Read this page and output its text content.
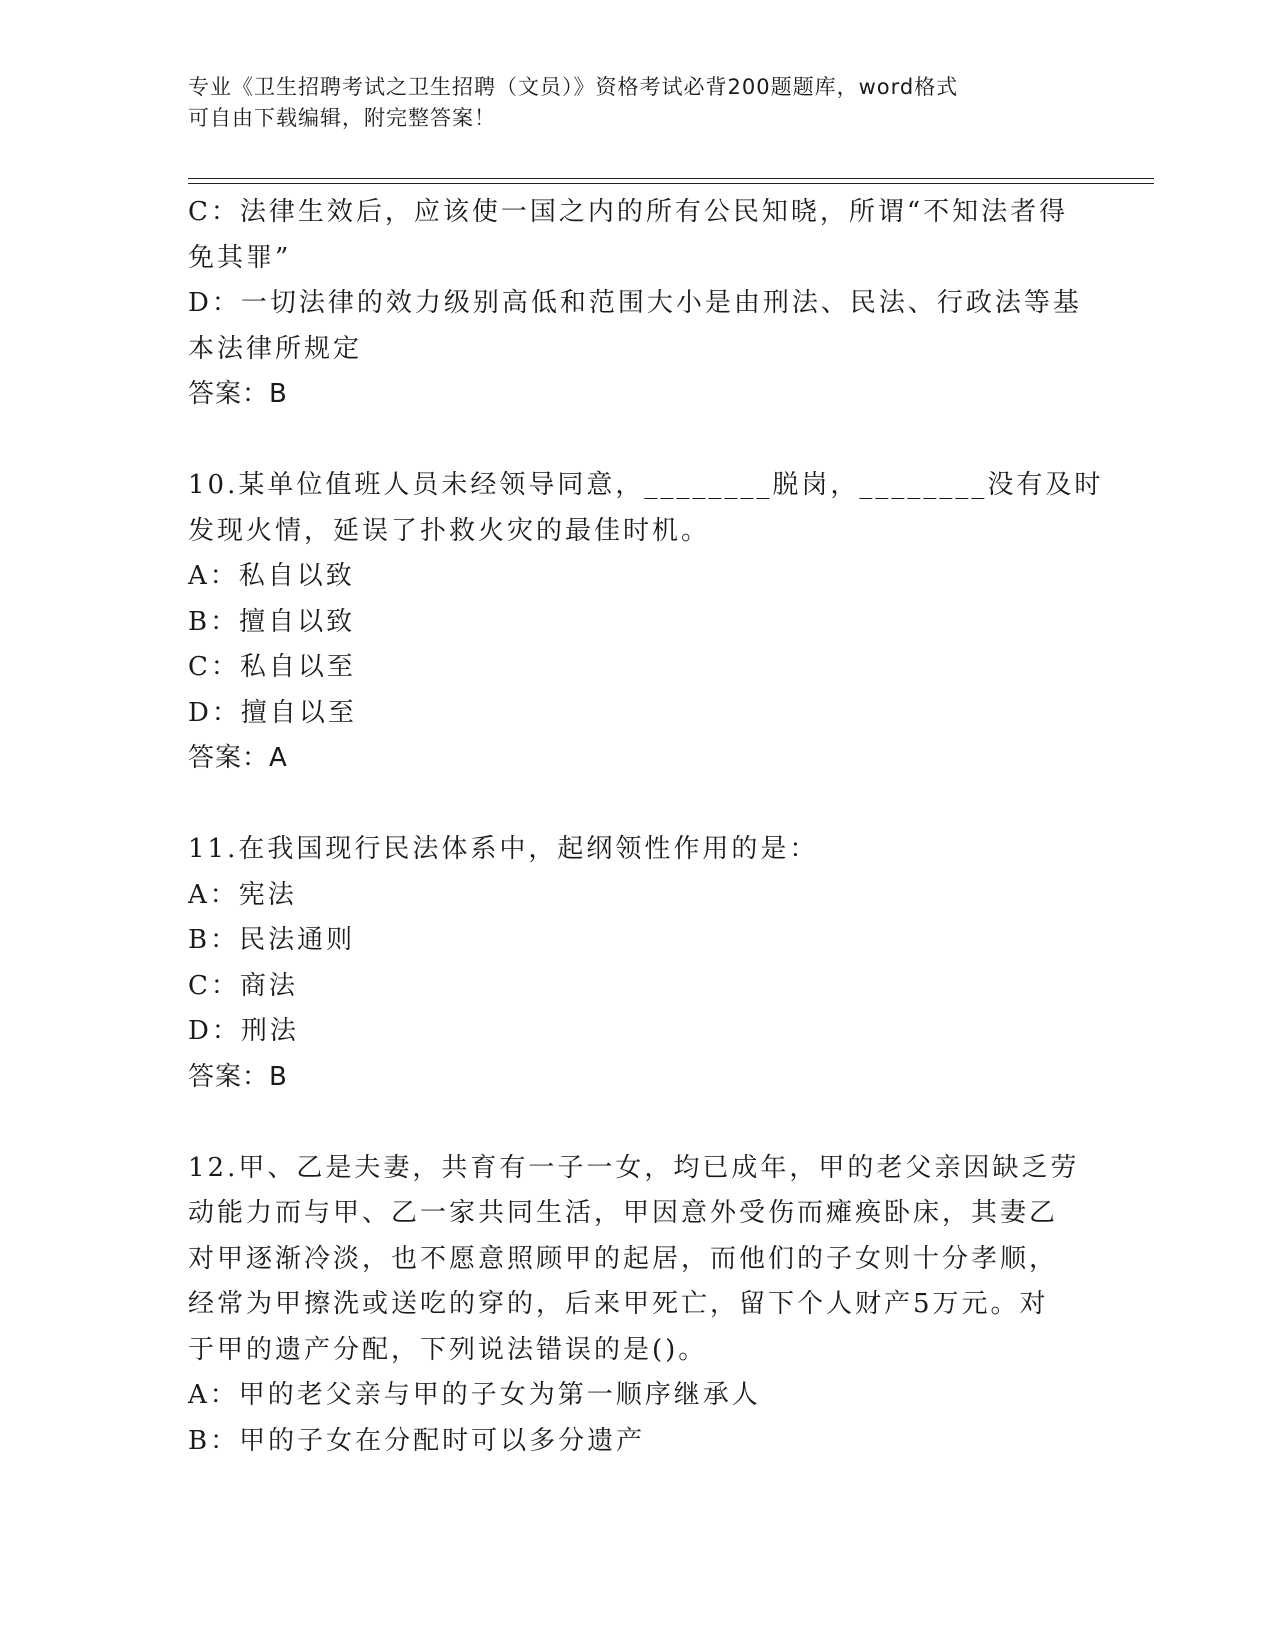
专业《卫生招聘考试之卫生招聘（文员）》资格考试必背200题题库，word格式
可自由下载编辑，附完整答案！
C：法律生效后，应该使一国之内的所有公民知晓，所谓“不知法者得
免其罪”
D：一切法律的效力级别高低和范围大小是由刑法、民法、行政法等基
本法律所规定
答案：B
10.某单位值班人员未经领导同意，________脱岗，________没有及时
发现火情，延误了扑救火灾的最佳时机。
A：私自以致
B：擅自以致
C：私自以至
D：擅自以至
答案：A
11.在我国现行民法体系中，起纲领性作用的是：
A：宪法
B：民法通则
C：商法
D：刑法
答案：B
12.甲、乙是夫妻，共育有一子一女，均已成年，甲的老父亲因缺乏劳
动能力而与甲、乙一家共同生活，甲因意外受伤而瘫痪卧床，其妻乙
对甲逐渐冷淡，也不愿意照顾甲的起居，而他们的子女则十分孝顺，
经常为甲擦洗或送吃的穿的，后来甲死亡，留下个人财产5万元。对
于甲的遗产分配，下列说法错误的是()。
A：甲的老父亲与甲的子女为第一顺序继承人
B：甲的子女在分配时可以多分遗产
